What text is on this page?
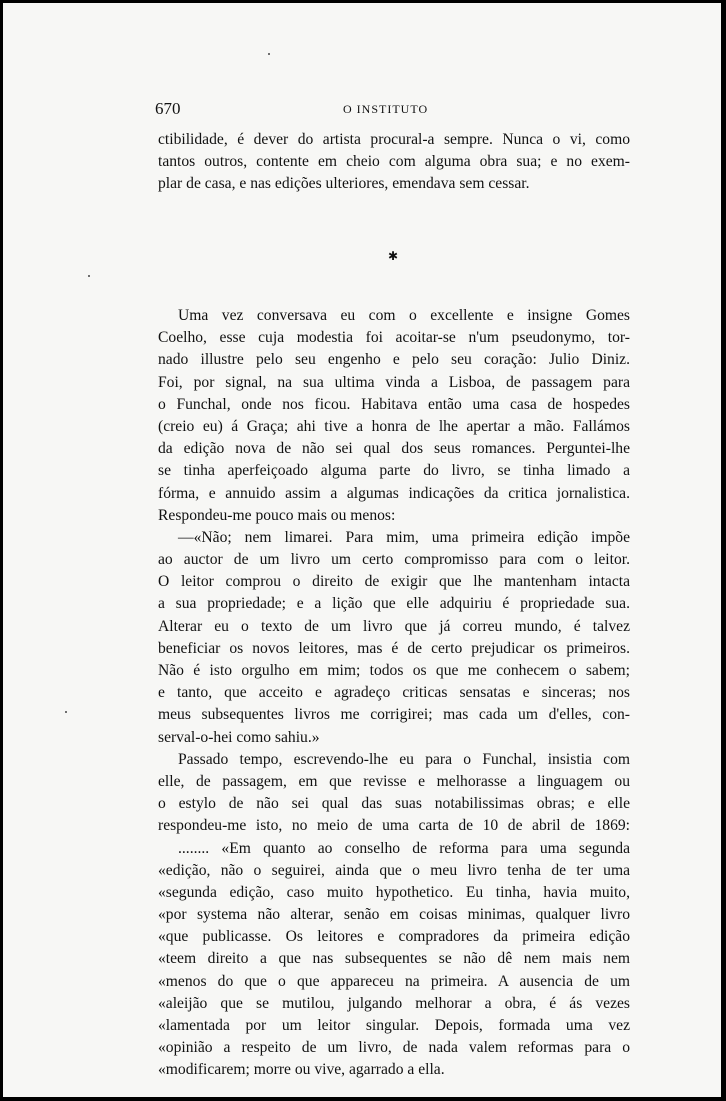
670	O INSTITUTO
ctibilidade, é dever do artista procural-a sempre. Nunca o vi, como
tantos outros, contente em cheio com alguma obra sua; e no exem-
plar de casa, e nas edições ulteriores, emendava sem cessar.
✱
Uma vez conversava eu com o excellente e insigne Gomes
Coelho, esse cuja modestia foi acoitar-se n'um pseudonymo, tor-
nado illustre pelo seu engenho e pelo seu coração: Julio Diniz.
Foi, por signal, na sua ultima vinda a Lisboa, de passagem para
o Funchal, onde nos ficou. Habitava então uma casa de hospedes
(creio eu) á Graça; ahi tive a honra de lhe apertar a mão. Fallámos
da edição nova de não sei qual dos seus romances. Perguntei-lhe
se tinha aperfeiçoado alguma parte do livro, se tinha limado a
fórma, e annuido assim a algumas indicações da critica jornalistica.
Respondeu-me pouco mais ou menos:
—«Não; nem limarei. Para mim, uma primeira edição impõe
ao auctor de um livro um certo compromisso para com o leitor.
O leitor comprou o direito de exigir que lhe mantenham intacta
a sua propriedade; e a lição que elle adquiriu é propriedade sua.
Alterar eu o texto de um livro que já correu mundo, é talvez
beneficiar os novos leitores, mas é de certo prejudicar os primeiros.
Não é isto orgulho em mim; todos os que me conhecem o sabem;
e tanto, que acceito e agradeço criticas sensatas e sinceras; nos
meus subsequentes livros me corrigirei; mas cada um d'elles, con-
serval-o-hei como sahiu.»
Passado tempo, escrevendo-lhe eu para o Funchal, insistia com
elle, de passagem, em que revisse e melhorasse a linguagem ou
o estylo de não sei qual das suas notabilissimas obras; e elle
respondeu-me isto, no meio de uma carta de 10 de abril de 1869:
........ «Em quanto ao conselho de reforma para uma segunda
«edição, não o seguirei, ainda que o meu livro tenha de ter uma
«segunda edição, caso muito hypothetico. Eu tinha, havia muito,
«por systema não alterar, senão em coisas minimas, qualquer livro
«que publicasse. Os leitores e compradores da primeira edição
«teem direito a que nas subsequentes se não dê nem mais nem
«menos do que o que appareceu na primeira. A ausencia de um
«aleijão que se mutilou, julgando melhorar a obra, é ás vezes
«lamentada por um leitor singular. Depois, formada uma vez
«opinião a respeito de um livro, de nada valem reformas para o
«modificarem; morre ou vive, agarrado a ella.
